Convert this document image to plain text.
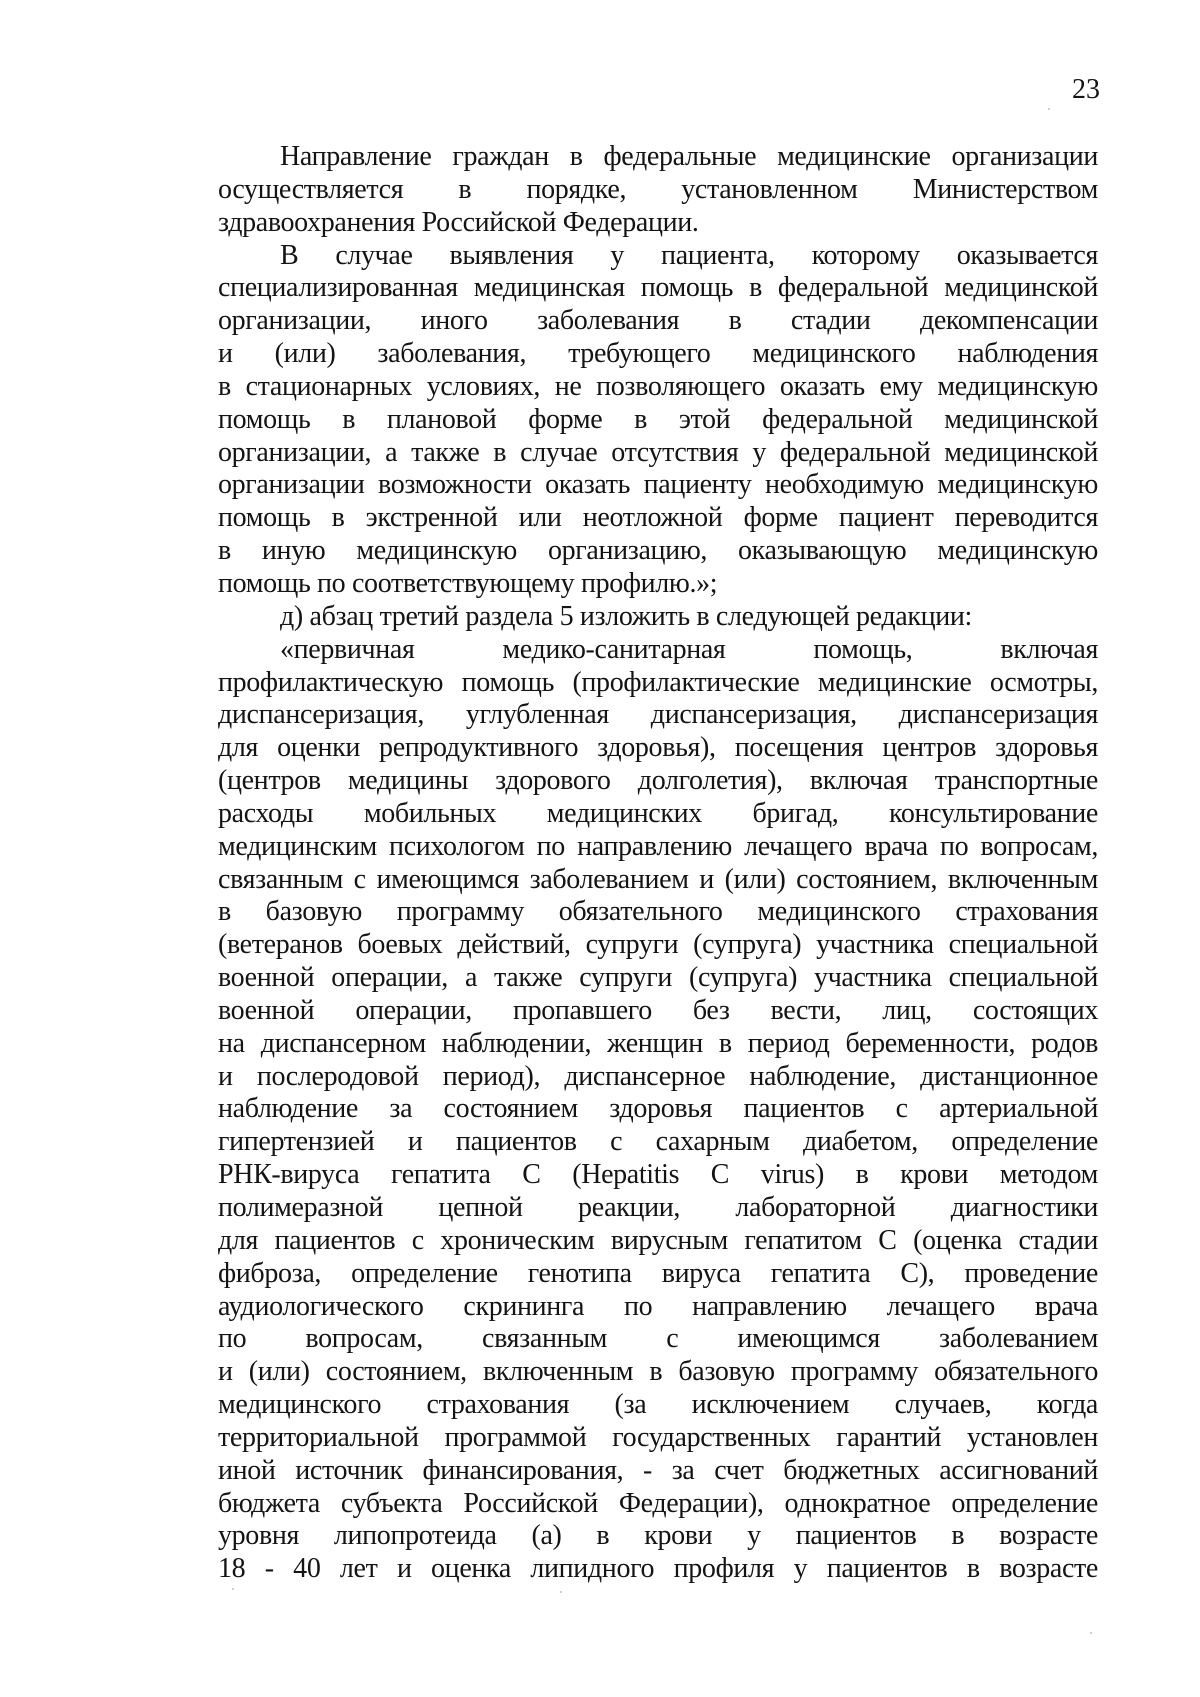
23
Направление граждан в федеральные медицинские организации
осуществляется в порядке, установленном Министерством
здравоохранения Российской Федерации.
В случае выявления у пациента, которому оказывается
специализированная медицинская помощь в федеральной медицинской
организации, иного заболевания в стадии декомпенсации
и (или) заболевания, требующего медицинского наблюдения
в стационарных условиях, не позволяющего оказать ему медицинскую
помощь в плановой форме в этой федеральной медицинской
организации, а также в случае отсутствия у федеральной медицинской
организации возможности оказать пациенту необходимую медицинскую
помощь в экстренной или неотложной форме пациент переводится
в иную медицинскую организацию, оказывающую медицинскую
помощь по соответствующему профилю.»;
д) абзац третий раздела 5 изложить в следующей редакции:
«первичная медико-санитарная помощь, включая
профилактическую помощь (профилактические медицинские осмотры,
диспансеризация, углубленная диспансеризация, диспансеризация
для оценки репродуктивного здоровья), посещения центров здоровья
(центров медицины здорового долголетия), включая транспортные
расходы мобильных медицинских бригад, консультирование
медицинским психологом по направлению лечащего врача по вопросам,
связанным с имеющимся заболеванием и (или) состоянием, включенным
в базовую программу обязательного медицинского страхования
(ветеранов боевых действий, супруги (супруга) участника специальной
военной операции, а также супруги (супруга) участника специальной
военной операции, пропавшего без вести, лиц, состоящих
на диспансерном наблюдении, женщин в период беременности, родов
и послеродовой период), диспансерное наблюдение, дистанционное
наблюдение за состоянием здоровья пациентов с артериальной
гипертензией и пациентов с сахарным диабетом, определение
РНК-вируса гепатита С (Hepatitis C virus) в крови методом
полимеразной цепной реакции, лабораторной диагностики
для пациентов с хроническим вирусным гепатитом С (оценка стадии
фиброза, определение генотипа вируса гепатита С), проведение
аудиологического скрининга по направлению лечащего врача
по вопросам, связанным с имеющимся заболеванием
и (или) состоянием, включенным в базовую программу обязательного
медицинского страхования (за исключением случаев, когда
территориальной программой государственных гарантий установлен
иной источник финансирования, - за счет бюджетных ассигнований
бюджета субъекта Российской Федерации), однократное определение
уровня липопротеида (а) в крови у пациентов в возрасте
18 - 40 лет и оценка липидного профиля у пациентов в возрасте
